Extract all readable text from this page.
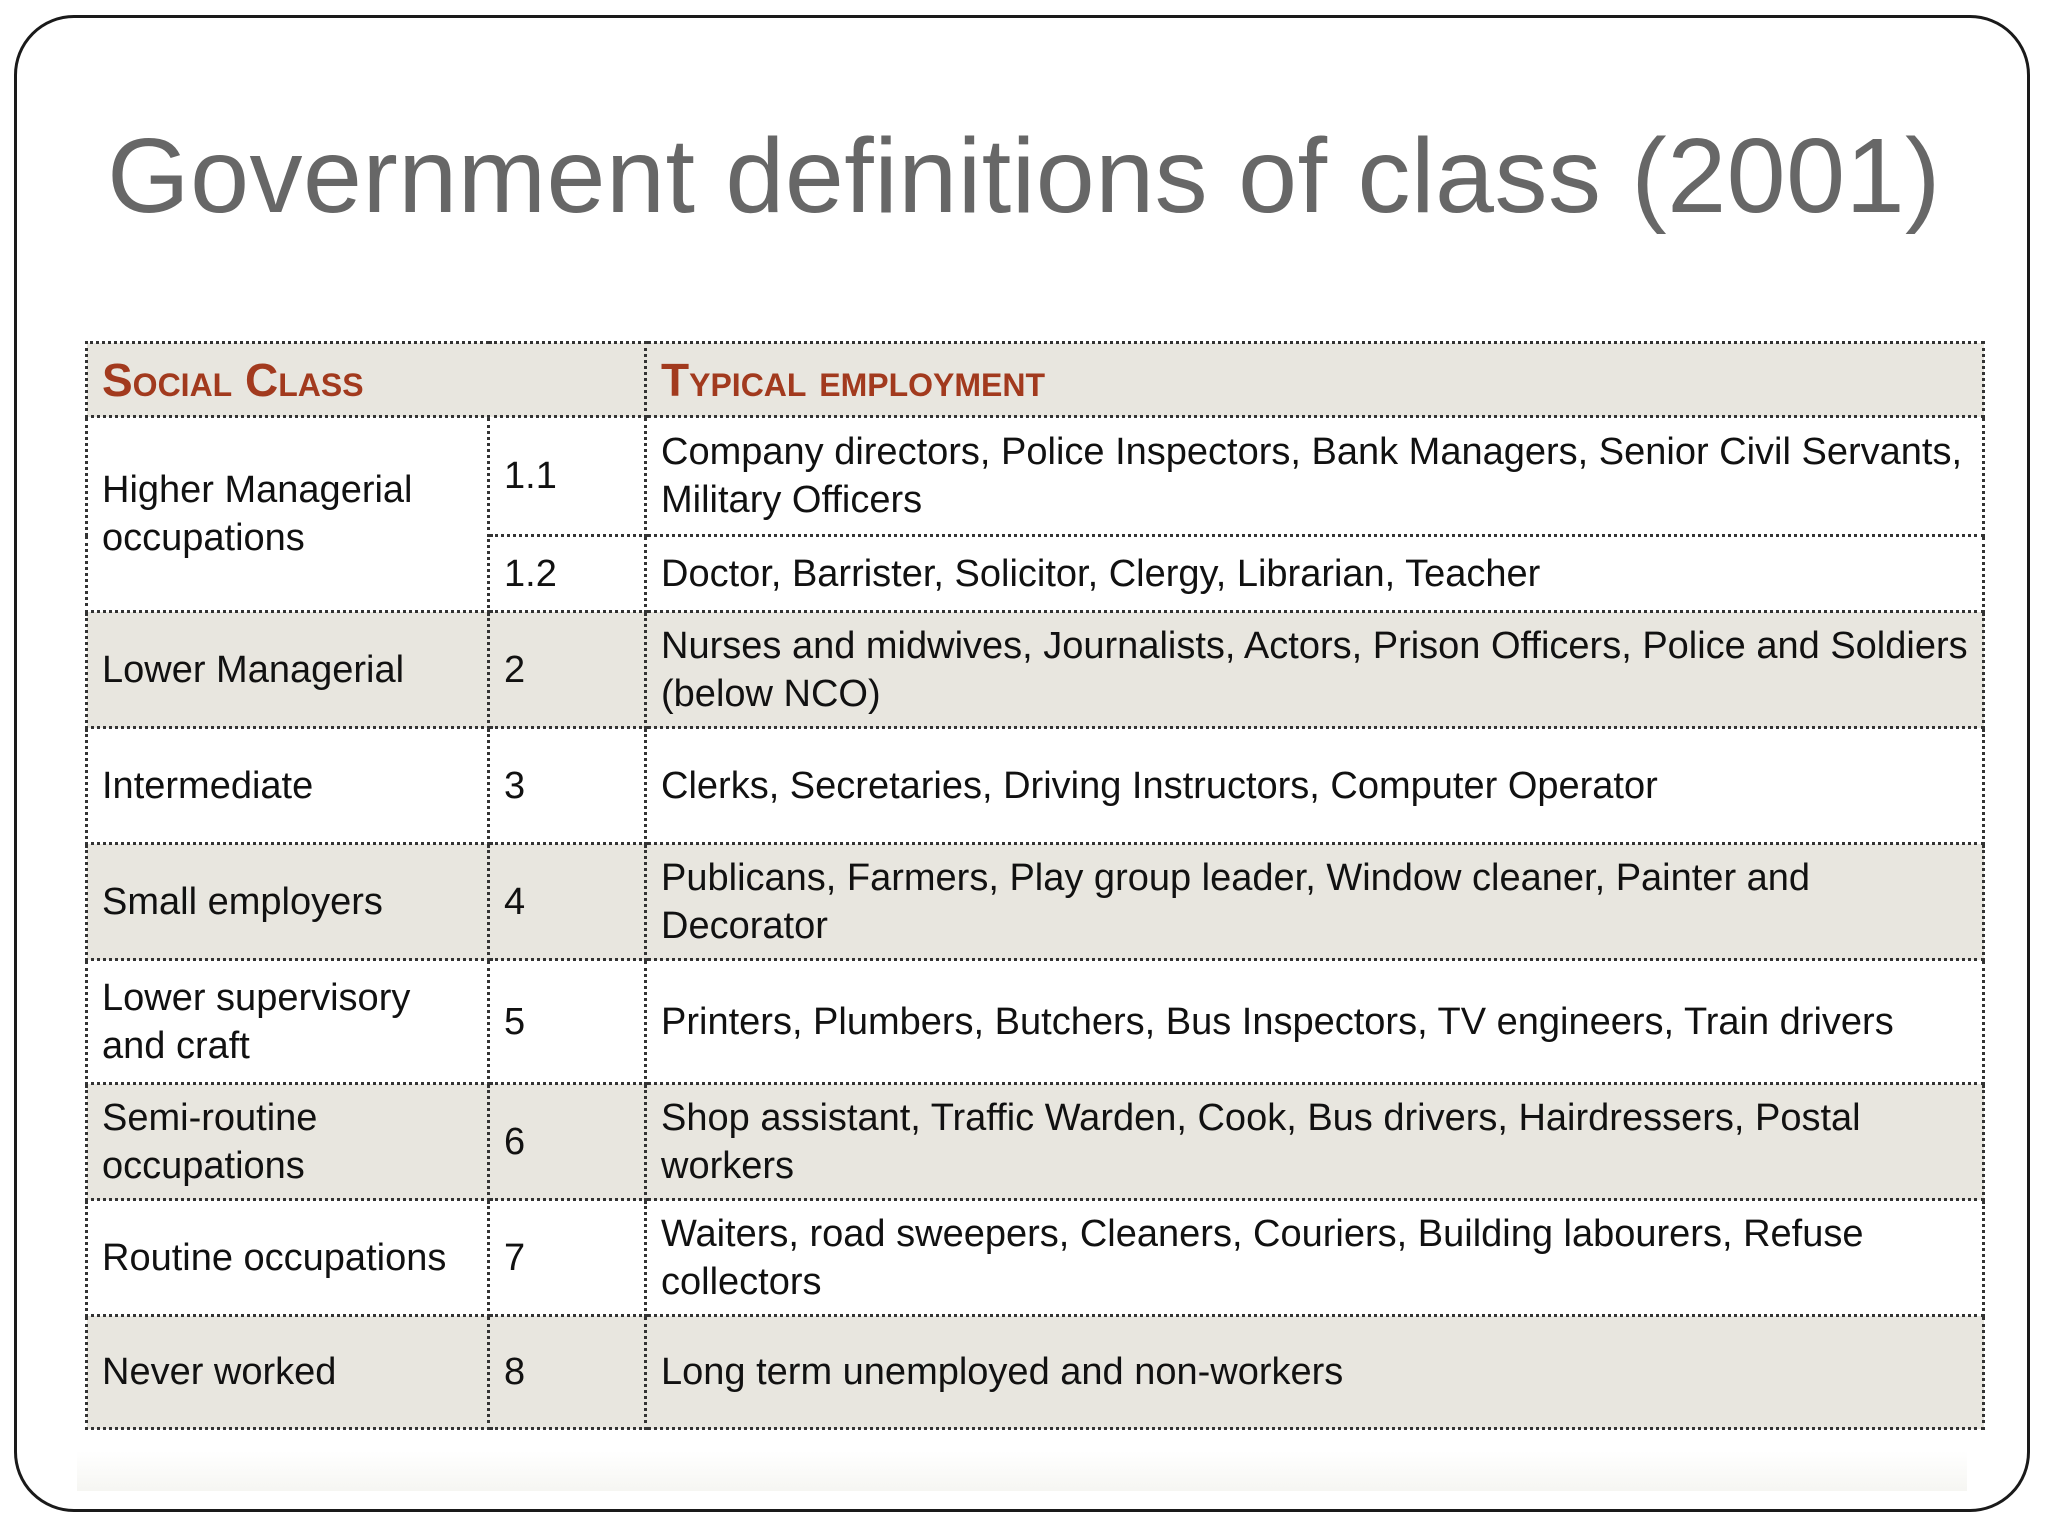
Government definitions of class (2001)
Social Class		Typical employment
Higher Managerial occupations	1.1	Company directors, Police Inspectors, Bank Managers, Senior Civil Servants, Military Officers
	1.2	Doctor, Barrister, Solicitor, Clergy, Librarian, Teacher
Lower Managerial	2	Nurses and midwives, Journalists, Actors, Prison Officers, Police and Soldiers (below NCO)
Intermediate	3	Clerks, Secretaries, Driving Instructors, Computer Operator
Small employers	4	Publicans, Farmers, Play group leader, Window cleaner, Painter and Decorator
Lower supervisory and craft	5	Printers, Plumbers, Butchers, Bus Inspectors, TV engineers, Train drivers
Semi-routine occupations	6	Shop assistant, Traffic Warden, Cook, Bus drivers, Hairdressers, Postal workers
Routine occupations	7	Waiters, road sweepers, Cleaners, Couriers, Building labourers, Refuse collectors
Never worked	8	Long term unemployed and non-workers
